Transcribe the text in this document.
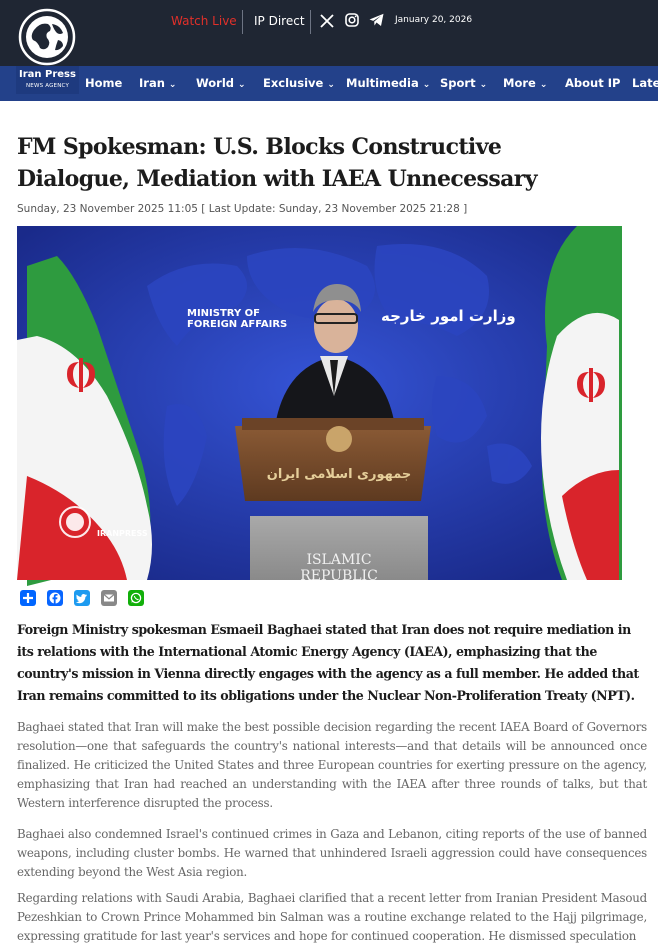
Watch Live IP Direct	January 20, 2026
Iran Press
NEWS AGENCY	Home Iran ⌄ World ⌄ Exclusive ⌄ Multimedia ⌄ Sport ⌄ More ⌄ About IP Lates
FM Spokesman: U.S. Blocks Constructive Dialogue, Mediation with IAEA Unnecessary
Sunday, 23 November 2025 11:05 [ Last Update: Sunday, 23 November 2025 21:28 ]
MINISTRY OF
FOREIGN AFFAIRS	وزارت امور خارجه
جمهوری اسلامی ایران
ISLAMIC
REPUBLIC
IRANPRESS

Foreign Ministry spokesman Esmaeil Baghaei stated that Iran does not require mediation in its relations with the International Atomic Energy Agency (IAEA), emphasizing that the country's mission in Vienna directly engages with the agency as a full member. He added that Iran remains committed to its obligations under the Nuclear Non-Proliferation Treaty (NPT).

Baghaei stated that Iran will make the best possible decision regarding the recent IAEA Board of Governors resolution—one that safeguards the country's national interests—and that details will be announced once finalized. He criticized the United States and three European countries for exerting pressure on the agency, emphasizing that Iran had reached an understanding with the IAEA after three rounds of talks, but that Western interference disrupted the process.

Baghaei also condemned Israel's continued crimes in Gaza and Lebanon, citing reports of the use of banned weapons, including cluster bombs. He warned that unhindered Israeli aggression could have consequences extending beyond the West Asia region.

Regarding relations with Saudi Arabia, Baghaei clarified that a recent letter from Iranian President Masoud Pezeshkian to Crown Prince Mohammed bin Salman was a routine exchange related to the Hajj pilgrimage, expressing gratitude for last year's services and hope for continued cooperation. He dismissed speculation
